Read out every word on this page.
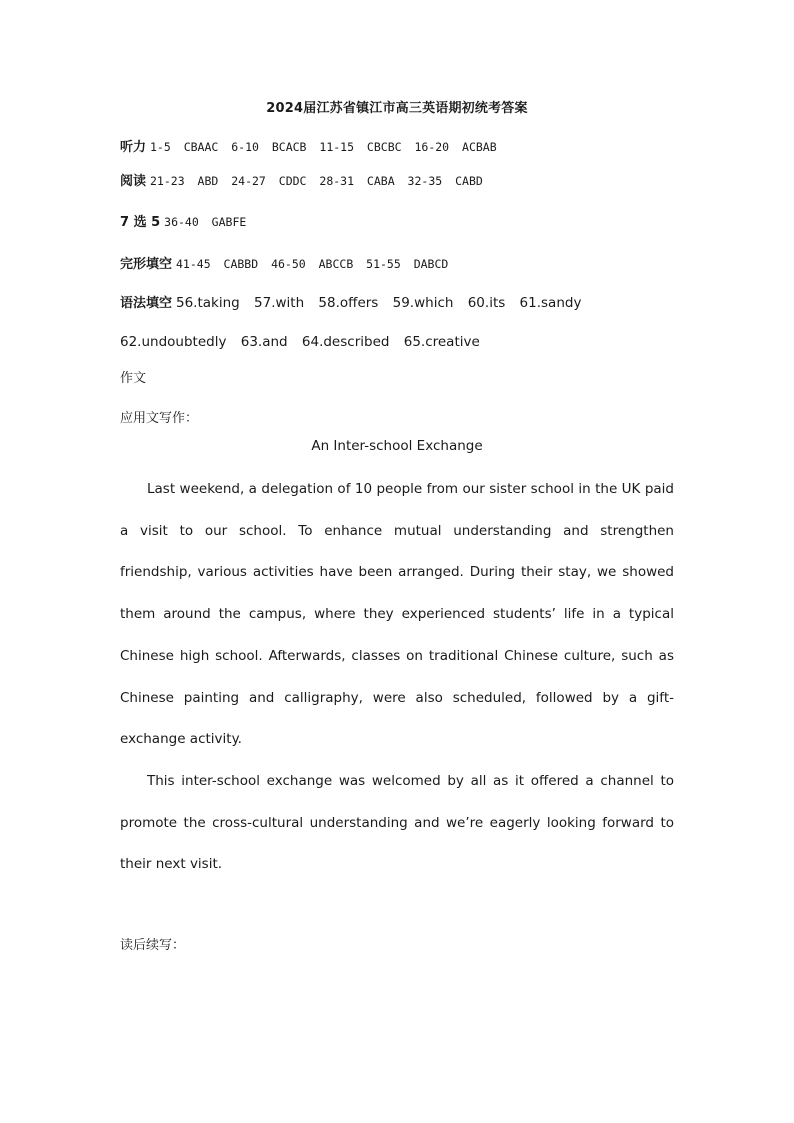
2024届江苏省镇江市高三英语期初统考答案
听力 1-5 CBAAC 6-10 BCACB 11-15 CBCBC 16-20 ACBAB
阅读 21-23 ABD 24-27 CDDC 28-31 CABA 32-35 CABD
7 选 5 36-40 GABFE
完形填空 41-45 CABBD 46-50 ABCCB 51-55 DABCD
语法填空 56.taking 57.with 58.offers 59.which 60.its 61.sandy
62.undoubtedly 63.and 64.described 65.creative
作文
应用文写作：
An Inter-school Exchange

Last weekend, a delegation of 10 people from our sister school in the UK paid a visit to our school. To enhance mutual understanding and strengthen friendship, various activities have been arranged. During their stay, we showed them around the campus, where they experienced students’ life in a typical Chinese high school. Afterwards, classes on traditional Chinese culture, such as Chinese painting and calligraphy, were also scheduled, followed by a gift-exchange activity.

This inter-school exchange was welcomed by all as it offered a channel to promote the cross-cultural understanding and we’re eagerly looking forward to their next visit.

读后续写：
